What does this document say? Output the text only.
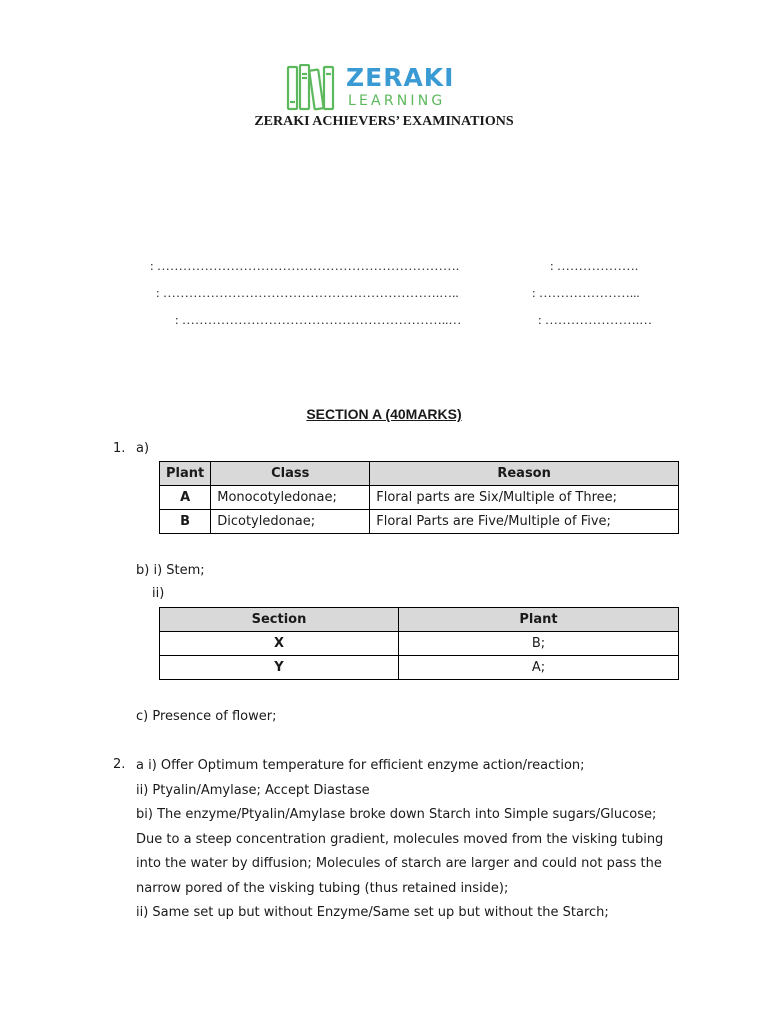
ZERAKI
LEARNING
ZERAKI ACHIEVERS’ EXAMINATIONS
: …………………………………………………………….	: ……………….
: ……………………………………………………….…..	: …………………...
: ……………………………………………………..…	: ………………….…
SECTION A (40MARKS)
1. a)
Plant	Class	Reason
A	Monocotyledonae;	Floral parts are Six/Multiple of Three;
B	Dicotyledonae;	Floral Parts are Five/Multiple of Five;
b) i) Stem;
ii)
Section	Plant
X	B;
Y	A;
c) Presence of flower;
2. a i) Offer Optimum temperature for efficient enzyme action/reaction;
ii) Ptyalin/Amylase; Accept Diastase
bi) The enzyme/Ptyalin/Amylase broke down Starch into Simple sugars/Glucose;
Due to a steep concentration gradient, molecules moved from the visking tubing
into the water by diffusion; Molecules of starch are larger and could not pass the
narrow pored of the visking tubing (thus retained inside);
ii) Same set up but without Enzyme/Same set up but without the Starch;
